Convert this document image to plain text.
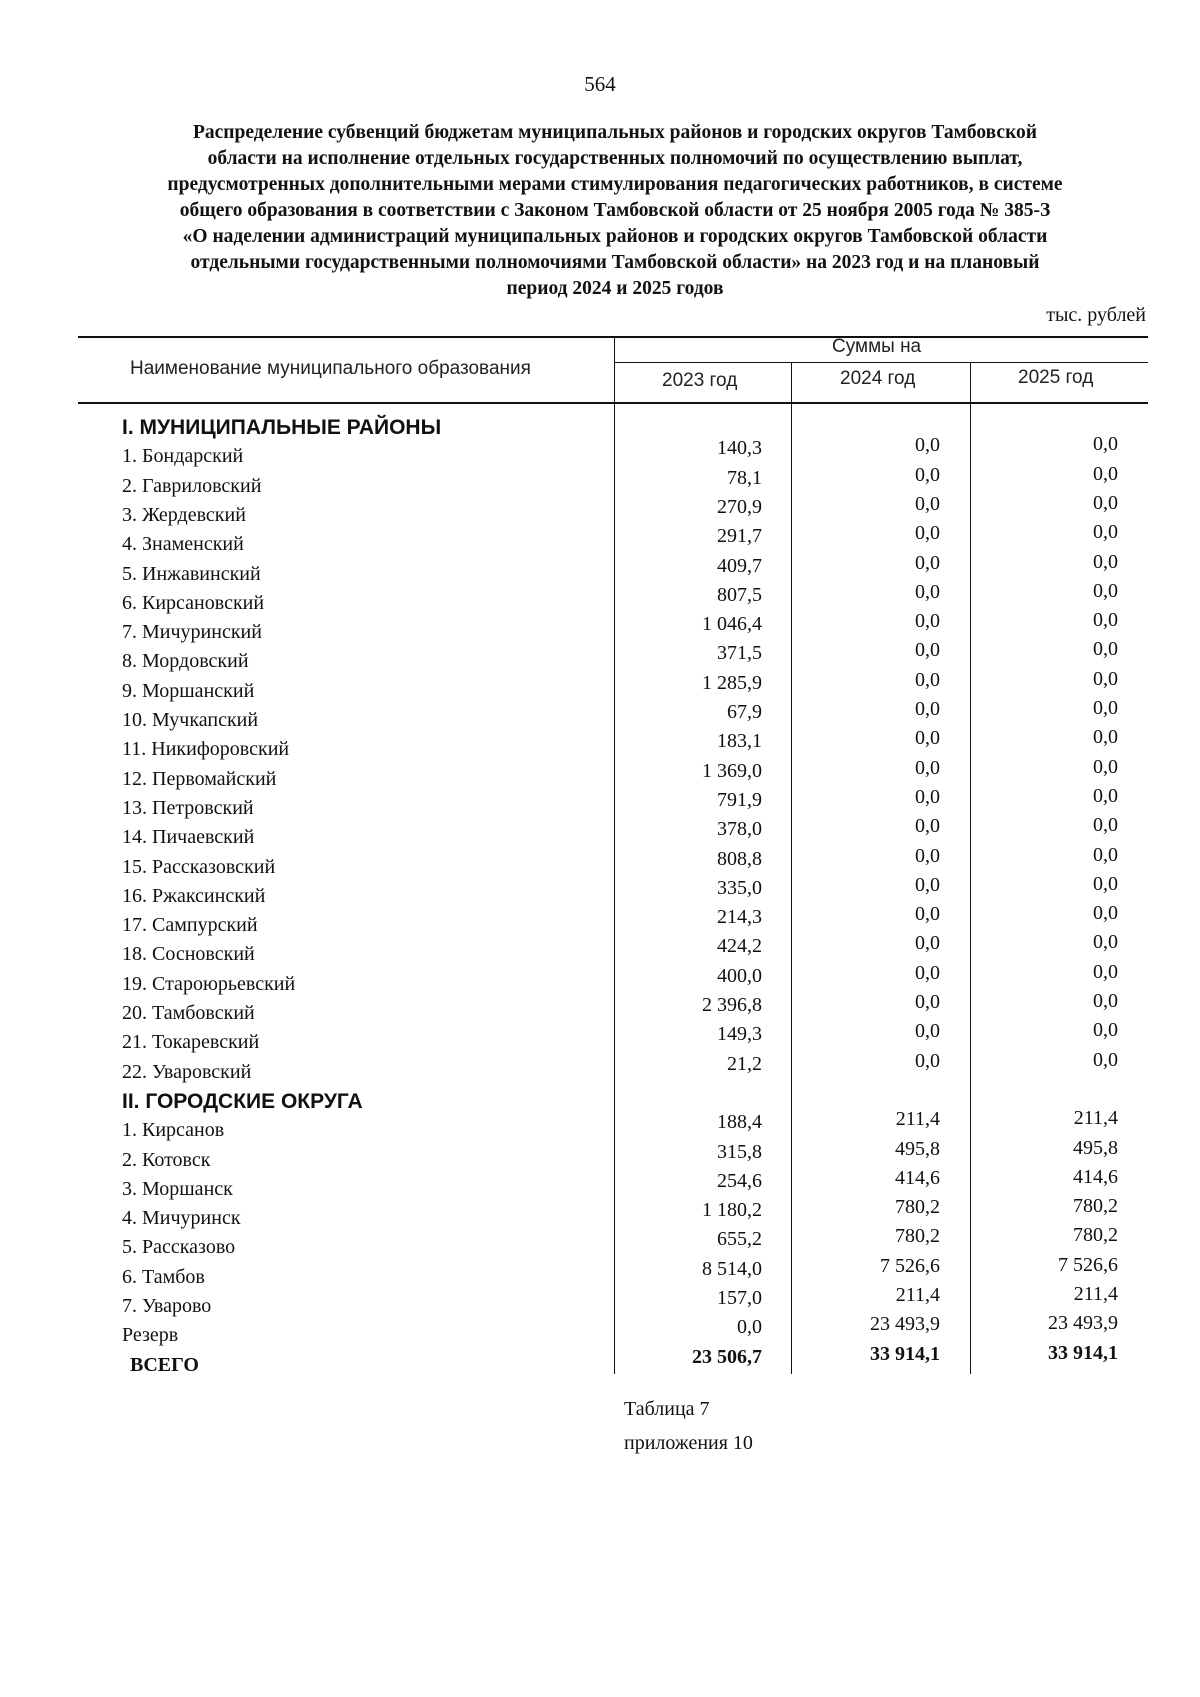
564
Распределение субвенций бюджетам муниципальных районов и городских округов Тамбовской
области на исполнение отдельных государственных полномочий по осуществлению выплат,
предусмотренных дополнительными мерами стимулирования педагогических работников, в системе
общего образования в соответствии с Законом Тамбовской области от 25 ноября 2005 года № 385-З
«О наделении администраций муниципальных районов и городских округов Тамбовской области
отдельными государственными полномочиями Тамбовской области» на 2023 год и на плановый
период 2024 и 2025 годов
тыс. рублей
Наименование муниципального образования
Суммы на
2023 год	2024 год	2025 год
I. МУНИЦИПАЛЬНЫЕ РАЙОНЫ
1. Бондарский	140,3	0,0	0,0
2. Гавриловский	78,1	0,0	0,0
3. Жердевский	270,9	0,0	0,0
4. Знаменский	291,7	0,0	0,0
5. Инжавинский	409,7	0,0	0,0
6. Кирсановский	807,5	0,0	0,0
7. Мичуринский	1 046,4	0,0	0,0
8. Мордовский	371,5	0,0	0,0
9. Моршанский	1 285,9	0,0	0,0
10. Мучкапский	67,9	0,0	0,0
11. Никифоровский	183,1	0,0	0,0
12. Первомайский	1 369,0	0,0	0,0
13. Петровский	791,9	0,0	0,0
14. Пичаевский	378,0	0,0	0,0
15. Рассказовский	808,8	0,0	0,0
16. Ржаксинский	335,0	0,0	0,0
17. Сампурский	214,3	0,0	0,0
18. Сосновский	424,2	0,0	0,0
19. Староюрьевский	400,0	0,0	0,0
20. Тамбовский	2 396,8	0,0	0,0
21. Токаревский	149,3	0,0	0,0
22. Уваровский	21,2	0,0	0,0
II. ГОРОДСКИЕ ОКРУГА
1. Кирсанов	188,4	211,4	211,4
2. Котовск	315,8	495,8	495,8
3. Моршанск	254,6	414,6	414,6
4. Мичуринск	1 180,2	780,2	780,2
5. Рассказово	655,2	780,2	780,2
6. Тамбов	8 514,0	7 526,6	7 526,6
7. Уварово	157,0	211,4	211,4
Резерв	0,0	23 493,9	23 493,9
ВСЕГО	23 506,7	33 914,1	33 914,1
Таблица 7
приложения 10
